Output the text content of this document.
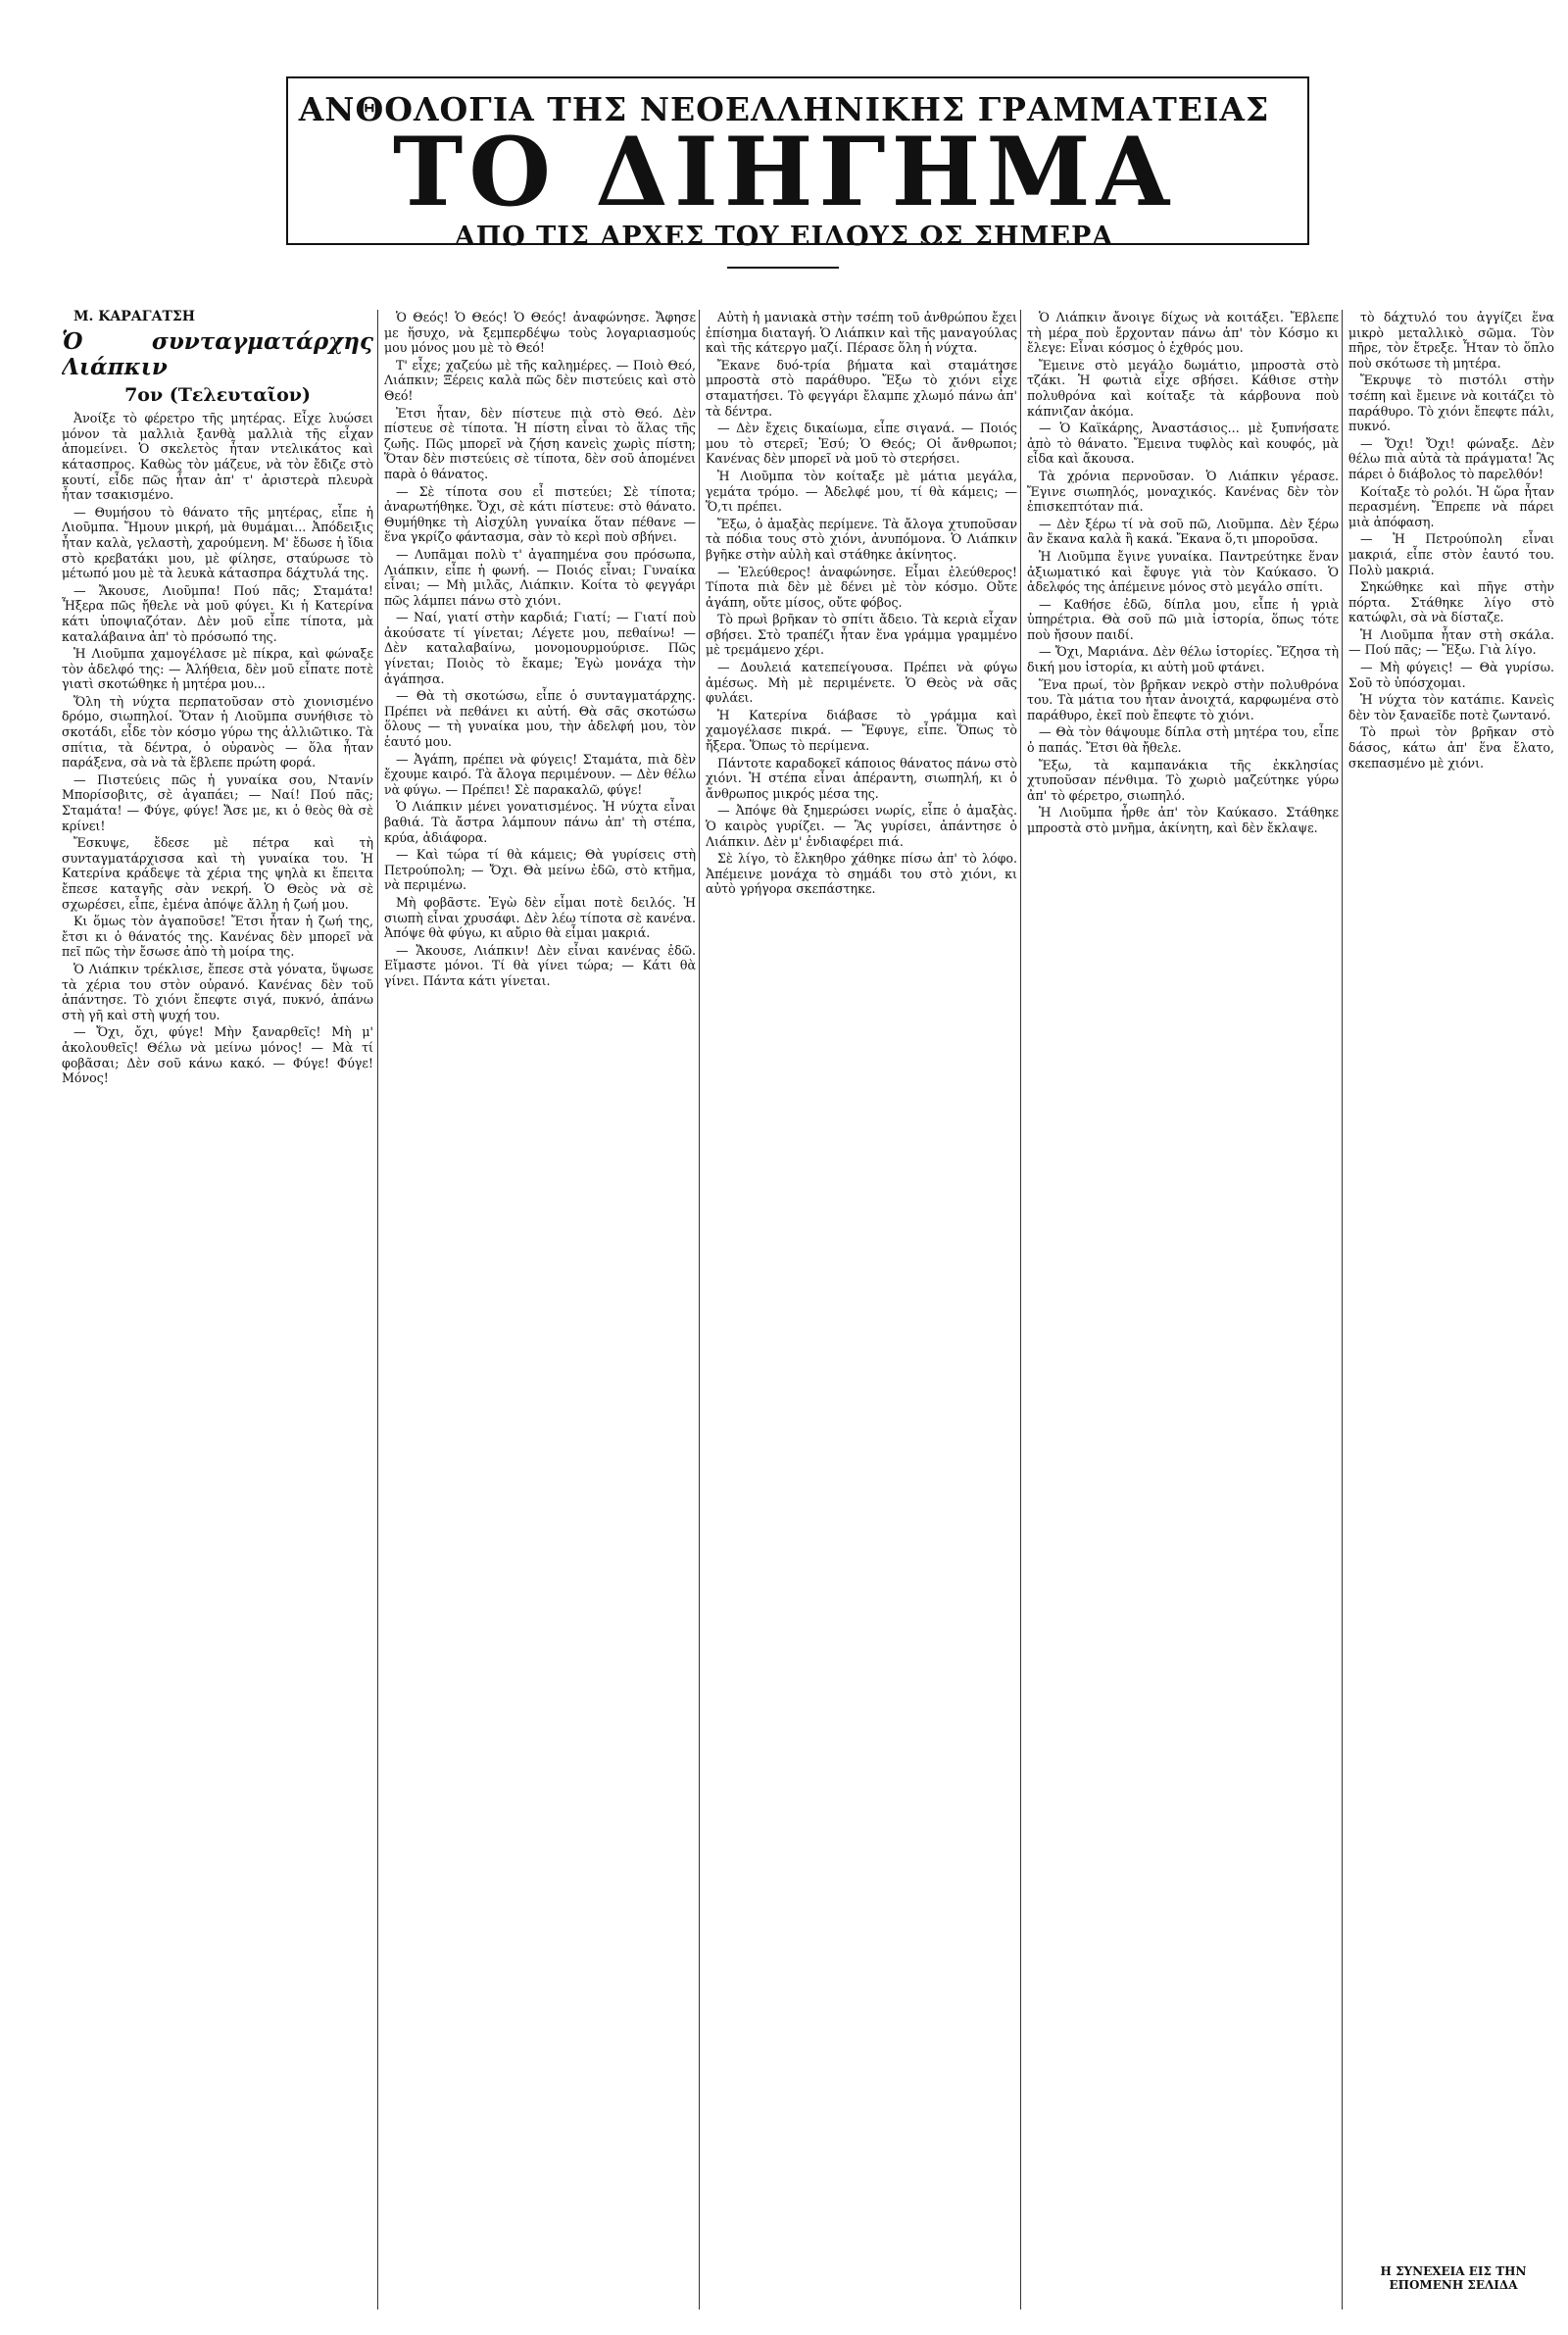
ΑΝΘΟΛΟΓΙΑ ΤΗΣ ΝΕΟΕΛΛΗΝΙΚΗΣ ΓΡΑΜΜΑΤΕΙΑΣ
ΤΟ ΔΙΗΓΗΜΑ
ΑΠΟ ΤΙΣ ΑΡΧΕΣ ΤΟΥ ΕΙΔΟΥΣ ΩΣ ΣΗΜΕΡΑ

Μ. ΚΑΡΑΓΑΤΣΗ

Ὁ συνταγματάρχης Λιάπκιν
7ον (Τελευταῖον)

Ἀνοίξε τὸ φέρετρο τῆς μητέρας. Εἶχε λυώσει μόνον τὰ μαλλιὰ ξανθὰ μαλλιὰ τῆς εἶχαν ἀπομείνει. Ὁ σκελετὸς ἦταν ντελικάτος καὶ κάτασπρος. Καθὼς τὸν μάζευε, νὰ τὸν ἔδιζε στὸ κουτί, εἶδε πῶς ἦταν ἀπ' τ' ἀριστερὰ πλευρὰ ἦταν τσακισμένο.

— Θυμήσου τὸ θάνατο τῆς μητέρας, εἶπε ἡ Λιοῦμπα. Ἤμουν μικρή, μὰ θυμάμαι... Ἀπόδειξις ἦταν καλὰ, γελαστὴ, χαρούμενη. Μ' ἔδωσε ἡ ἴδια στὸ κρεβατάκι μου, μὲ φίλησε, σταύρωσε τὸ μέτωπό μου μὲ τὰ λευκὰ κάτασπρα δάχτυλά της.

— Ἄκουσε, Λιοῦμπα! Πού πᾶς; Σταμάτα! Ἦξερα πῶς ἤθελε νὰ μοῦ φύγει. Κι ἡ Κατερίνα κάτι ὑποψιαζόταν. Δὲν μοῦ εἶπε τίποτα, μὰ καταλάβαινα ἀπ' τὸ πρόσωπό της.

Ἡ Λιοῦμπα χαμογέλασε μὲ πίκρα, καὶ φώναξε τὸν ἀδελφό της: — Ἀλήθεια, δὲν μοῦ εἶπατε ποτὲ γιατὶ σκοτώθηκε ἡ μητέρα μου...

Ὅλη τὴ νύχτα περπατοῦσαν στὸ χιονισμένο δρόμο, σιωπηλοί. Ὅταν ἡ Λιοῦμπα συνήθισε τὸ σκοτάδι, εἶδε τὸν κόσμο γύρω της ἀλλιῶτικο. Τὰ σπίτια, τὰ δέντρα, ὁ οὐρανὸς — ὅλα ἦταν παράξενα, σὰ νὰ τὰ ἔβλεπε πρώτη φορά.

— Πιστεύεις πῶς ἡ γυναίκα σου, Ντανίν Μπορίσοβιτς, σὲ ἀγαπάει; — Ναί! Πού πᾶς; Σταμάτα! — Φύγε, φύγε! Ἄσε με, κι ὁ θεὸς θὰ σὲ κρίνει!

Ἔσκυψε, ἔδεσε μὲ πέτρα καὶ τὴ συνταγματάρχισσα καὶ τὴ γυναίκα του. Ἡ Κατερίνα κράδεψε τὰ χέρια της ψηλὰ κι ἔπειτα ἔπεσε καταγῆς σὰν νεκρή. Ὁ Θεὸς νὰ σὲ σχωρέσει, εἶπε, ἐμένα ἀπόψε ἄλλη ἡ ζωή μου.

Κι ὅμως τὸν ἀγαποῦσε! Ἔτσι ἦταν ἡ ζωή της, ἔτσι κι ὁ θάνατός της. Κανένας δὲν μπορεῖ νὰ πεῖ πῶς τὴν ἔσωσε ἀπὸ τὴ μοίρα της.

Ὁ Λιάπκιν τρέκλισε, ἔπεσε στὰ γόνατα, ὕψωσε τὰ χέρια του στὸν οὐρανό. Κανένας δὲν τοῦ ἀπάντησε. Τὸ χιόνι ἔπεφτε σιγά, πυκνό, ἀπάνω στὴ γῆ καὶ στὴ ψυχή του.

— Ὄχι, ὄχι, φύγε! Μὴν ξαναρθεῖς! Μὴ μ' ἀκολουθεῖς! Θέλω νὰ μείνω μόνος! — Μὰ τί φοβᾶσαι; Δὲν σοῦ κάνω κακό. — Φύγε! Φύγε! Μόνος!

Ὁ Θεός! Ὁ Θεός! Ὁ Θεός! ἀναφώνησε. Ἄφησε με ἥσυχο, νὰ ξεμπερδέψω τοὺς λογαριασμούς μου μόνος μου μὲ τὸ Θεό!

Τ' εἶχε; χαζεύω μὲ τῆς καλημέρες. — Ποιὸ Θεό, Λιάπκιν; Ξέρεις καλὰ πῶς δὲν πιστεύεις καὶ στὸ Θεό!

Ἐτσι ἦταν, δὲν πίστευε πιὰ στὸ Θεό. Δὲν πίστευε σὲ τίποτα. Ἡ πίστη εἶναι τὸ ἅλας τῆς ζωῆς. Πῶς μπορεῖ νὰ ζήση κανεὶς χωρὶς πίστη; Ὅταν δὲν πιστεύεις σὲ τίποτα, δὲν σοῦ ἀπομένει παρὰ ὁ θάνατος.

— Σὲ τίποτα σου εἶ πιστεύει; Σὲ τίποτα; ἀναρωτήθηκε. Ὄχι, σὲ κάτι πίστευε: στὸ θάνατο. Θυμήθηκε τὴ Αἰσχύλη γυναίκα ὅταν πέθανε — ἕνα γκρίζο φάντασμα, σὰν τὸ κερὶ ποὺ σβήνει.

— Λυπᾶμαι πολὺ τ' ἀγαπημένα σου πρόσωπα, Λιάπκιν, εἶπε ἡ φωνή. — Ποιός εἶναι; Γυναίκα εἶναι; — Μὴ μιλᾶς, Λιάπκιν. Κοίτα τὸ φεγγάρι πῶς λάμπει πάνω στὸ χιόνι.

— Ναί, γιατί στὴν καρδιά; Γιατί; — Γιατί ποὺ ἀκούσατε τί γίνεται; Λέγετε μου, πεθαίνω! — Δὲν καταλαβαίνω, μονομουρμούρισε. Πῶς γίνεται; Ποιὸς τὸ ἔκαμε; Ἐγὼ μονάχα τὴν ἀγάπησα.

— Θὰ τὴ σκοτώσω, εἶπε ὁ συνταγματάρχης. Πρέπει νὰ πεθάνει κι αὐτή. Θὰ σᾶς σκοτώσω ὅλους — τὴ γυναίκα μου, τὴν ἀδελφή μου, τὸν ἑαυτό μου.

— Ἀγάπη, πρέπει νὰ φύγεις! Σταμάτα, πιὰ δὲν ἔχουμε καιρό. Τὰ ἄλογα περιμένουν. — Δὲν θέλω νὰ φύγω. — Πρέπει! Σὲ παρακαλῶ, φύγε!

Ὁ Λιάπκιν μένει γονατισμένος. Ἡ νύχτα εἶναι βαθιά. Τὰ ἄστρα λάμπουν πάνω ἀπ' τὴ στέπα, κρύα, ἀδιάφορα.

— Καὶ τώρα τί θὰ κάμεις; Θὰ γυρίσεις στὴ Πετρούπολη; — Ὄχι. Θὰ μείνω ἐδῶ, στὸ κτῆμα, νὰ περιμένω.

Μὴ φοβᾶστε. Ἐγὼ δὲν εἶμαι ποτὲ δειλός. Ἡ σιωπὴ εἶναι χρυσάφι. Δὲν λέω τίποτα σὲ κανένα. Ἀπόψε θὰ φύγω, κι αὔριο θὰ εἶμαι μακριά.

— Ἄκουσε, Λιάπκιν! Δὲν εἶναι κανένας ἐδῶ. Εἴμαστε μόνοι. Τί θὰ γίνει τώρα; — Κάτι θὰ γίνει. Πάντα κάτι γίνεται.

Αὐτὴ ἡ μανιακὰ στὴν τσέπη τοῦ ἀνθρώπου ἔχει ἐπίσημα διαταγή. Ὁ Λιάπκιν καὶ τῆς μαναγούλας καὶ τῆς κάτεργο μαζί. Πέρασε ὅλη ἡ νύχτα.

Ἔκανε δυό-τρία βήματα καὶ σταμάτησε μπροστὰ στὸ παράθυρο. Ἔξω τὸ χιόνι εἶχε σταματήσει. Τὸ φεγγάρι ἔλαμπε χλωμό πάνω ἀπ' τὰ δέντρα.

— Δὲν ἔχεις δικαίωμα, εἶπε σιγανά. — Ποιός μου τὸ στερεῖ; Ἐσύ; Ὁ Θεός; Οἱ ἄνθρωποι; Κανένας δὲν μπορεῖ νὰ μοῦ τὸ στερήσει.

Ἡ Λιοῦμπα τὸν κοίταξε μὲ μάτια μεγάλα, γεμάτα τρόμο. — Ἀδελφέ μου, τί θὰ κάμεις; — Ὅ,τι πρέπει.

Ἔξω, ὁ ἀμαξὰς περίμενε. Τὰ ἄλογα χτυποῦσαν τὰ πόδια τους στὸ χιόνι, ἀνυπόμονα. Ὁ Λιάπκιν βγῆκε στὴν αὐλὴ καὶ στάθηκε ἀκίνητος.

— Ἐλεύθερος! ἀναφώνησε. Εἶμαι ἐλεύθερος! Τίποτα πιὰ δὲν μὲ δένει μὲ τὸν κόσμο. Οὔτε ἀγάπη, οὔτε μίσος, οὔτε φόβος.

Τὸ πρωὶ βρῆκαν τὸ σπίτι ἄδειο. Τὰ κεριὰ εἶχαν σβήσει. Στὸ τραπέζι ἦταν ἕνα γράμμα γραμμένο μὲ τρεμάμενο χέρι.

— Δουλειά κατεπείγουσα. Πρέπει νὰ φύγω ἀμέσως. Μὴ μὲ περιμένετε. Ὁ Θεὸς νὰ σᾶς φυλάει.

Ἡ Κατερίνα διάβασε τὸ γράμμα καὶ χαμογέλασε πικρά. — Ἔφυγε, εἶπε. Ὅπως τὸ ἤξερα. Ὅπως τὸ περίμενα.

Πάντοτε καραδοκεῖ κάποιος θάνατος πάνω στὸ χιόνι. Ἡ στέπα εἶναι ἀπέραντη, σιωπηλή, κι ὁ ἄνθρωπος μικρός μέσα της.

— Ἀπόψε θὰ ξημερώσει νωρίς, εἶπε ὁ ἀμαξὰς. Ὁ καιρὸς γυρίζει. — Ἂς γυρίσει, ἀπάντησε ὁ Λιάπκιν. Δὲν μ' ἐνδιαφέρει πιά.

Σὲ λίγο, τὸ ἔλκηθρο χάθηκε πίσω ἀπ' τὸ λόφο. Ἀπέμεινε μονάχα τὸ σημάδι του στὸ χιόνι, κι αὐτὸ γρήγορα σκεπάστηκε.

Ὁ Λιάπκιν ἄνοιγε δίχως νὰ κοιτάξει. Ἔβλεπε τὴ μέρα ποὺ ἔρχονταν πάνω ἀπ' τὸν Κόσμο κι ἔλεγε: Εἶναι κόσμος ὁ ἐχθρός μου.

Ἔμεινε στὸ μεγάλο δωμάτιο, μπροστὰ στὸ τζάκι. Ἡ φωτιὰ εἶχε σβήσει. Κάθισε στὴν πολυθρόνα καὶ κοίταξε τὰ κάρβουνα ποὺ κάπνιζαν ἀκόμα.

— Ὁ Καϊκάρης, Ἀναστάσιος... μὲ ξυπνήσατε ἀπὸ τὸ θάνατο. Ἔμεινα τυφλὸς καὶ κουφός, μὰ εἶδα καὶ ἄκουσα.

Τὰ χρόνια περνοῦσαν. Ὁ Λιάπκιν γέρασε. Ἔγινε σιωπηλός, μοναχικός. Κανένας δὲν τὸν ἐπισκεπτόταν πιά.

— Δὲν ξέρω τί νὰ σοῦ πῶ, Λιοῦμπα. Δὲν ξέρω ἂν ἔκανα καλὰ ἢ κακά. Ἔκανα ὅ,τι μποροῦσα.

Ἡ Λιοῦμπα ἔγινε γυναίκα. Παντρεύτηκε ἕναν ἀξιωματικό καὶ ἔφυγε γιὰ τὸν Καύκασο. Ὁ ἀδελφός της ἀπέμεινε μόνος στὸ μεγάλο σπίτι.

— Καθήσε ἐδῶ, δίπλα μου, εἶπε ἡ γριὰ ὑπηρέτρια. Θὰ σοῦ πῶ μιὰ ἱστορία, ὅπως τότε ποὺ ἤσουν παιδί.

— Ὄχι, Μαριάνα. Δὲν θέλω ἱστορίες. Ἔζησα τὴ δική μου ἱστορία, κι αὐτὴ μοῦ φτάνει.

Ἕνα πρωί, τὸν βρῆκαν νεκρὸ στὴν πολυθρόνα του. Τὰ μάτια του ἦταν ἀνοιχτά, καρφωμένα στὸ παράθυρο, ἐκεῖ ποὺ ἔπεφτε τὸ χιόνι.

— Θὰ τὸν θάψουμε δίπλα στὴ μητέρα του, εἶπε ὁ παπάς. Ἔτσι θὰ ἤθελε.

Ἔξω, τὰ καμπανάκια τῆς ἐκκλησίας χτυποῦσαν πένθιμα. Τὸ χωριὸ μαζεύτηκε γύρω ἀπ' τὸ φέρετρο, σιωπηλό.

Ἡ Λιοῦμπα ἦρθε ἀπ' τὸν Καύκασο. Στάθηκε μπροστὰ στὸ μνῆμα, ἀκίνητη, καὶ δὲν ἔκλαψε.

τὸ δάχτυλό του ἀγγίζει ἕνα μικρὸ μεταλλικὸ σῶμα. Τὸν πῆρε, τὸν ἔτρεξε. Ἦταν τὸ ὅπλο ποὺ σκότωσε τὴ μητέρα.

Ἔκρυψε τὸ πιστόλι στὴν τσέπη καὶ ἔμεινε νὰ κοιτάζει τὸ παράθυρο. Τὸ χιόνι ἔπεφτε πάλι, πυκνό.

— Ὄχι! Ὄχι! φώναξε. Δὲν θέλω πιὰ αὐτὰ τὰ πράγματα! Ἂς πάρει ὁ διάβολος τὸ παρελθόν!

Κοίταξε τὸ ρολόι. Ἡ ὥρα ἦταν περασμένη. Ἔπρεπε νὰ πάρει μιὰ ἀπόφαση.

— Ἡ Πετρούπολη εἶναι μακριά, εἶπε στὸν ἑαυτό του. Πολὺ μακριά.

Σηκώθηκε καὶ πῆγε στὴν πόρτα. Στάθηκε λίγο στὸ κατώφλι, σὰ νὰ δίσταζε.

Ἡ Λιοῦμπα ἦταν στὴ σκάλα. — Πού πᾶς; — Ἔξω. Γιὰ λίγο.

— Μὴ φύγεις! — Θὰ γυρίσω. Σοῦ τὸ ὑπόσχομαι.

Ἡ νύχτα τὸν κατάπιε. Κανεὶς δὲν τὸν ξαναεῖδε ποτὲ ζωντανό.

Τὸ πρωὶ τὸν βρῆκαν στὸ δάσος, κάτω ἀπ' ἕνα ἔλατο, σκεπασμένο μὲ χιόνι.

Η ΣΥΝΕΧΕΙΑ ΕΙΣ ΤΗΝ ΕΠΟΜΕΝΗ ΣΕΛΙΔΑ
